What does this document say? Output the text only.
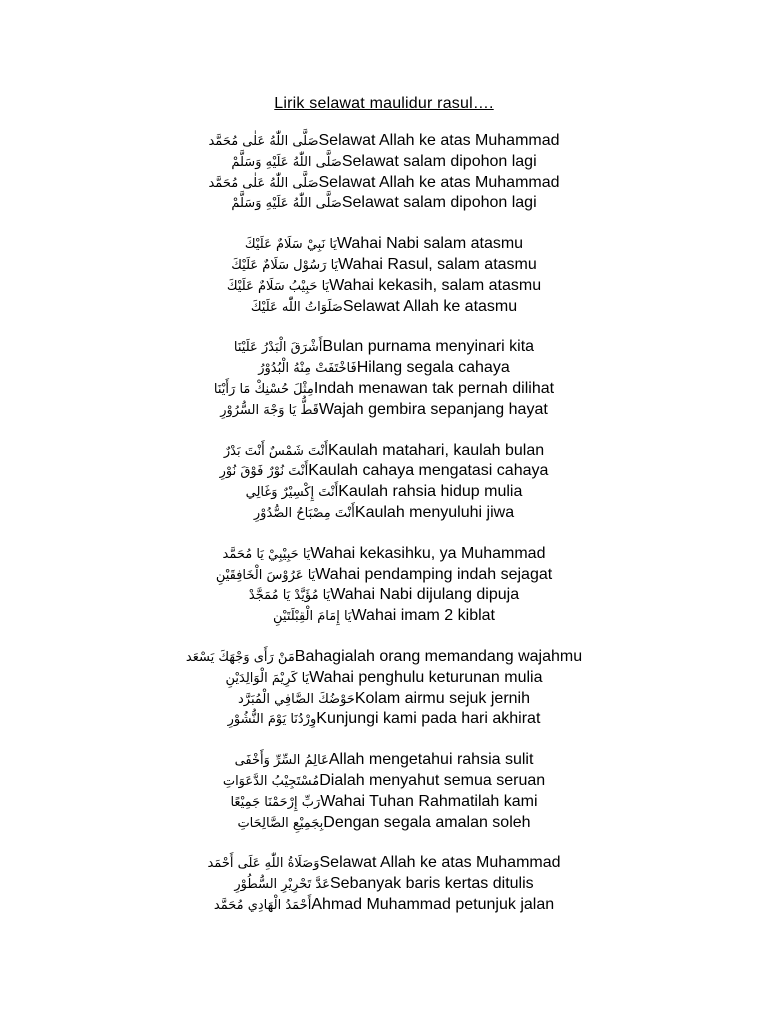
Lirik selawat maulidur rasul….
صَلَّى اللّٰهُ عَلٰى مُحَمَّد Selawat Allah ke atas Muhammad
صَلَّى اللّٰهُ عَلَيْهِ وَسَلَّمْ Selawat salam dipohon lagi
صَلَّى اللّٰهُ عَلٰى مُحَمَّد Selawat Allah ke atas Muhammad
صَلَّى اللّٰهُ عَلَيْهِ وَسَلَّمْ Selawat salam dipohon lagi
يَا نَبِيْ سَلَامٌ عَلَيْكَ Wahai Nabi salam atasmu
يَا رَسُوْل سَلَامٌ عَلَيْكَ Wahai Rasul, salam atasmu
يَا حَبِيْبُ سَلَامٌ عَلَيْكَ Wahai kekasih, salam atasmu
صَلَوَاتُ اللّٰه عَلَيْكَ Selawat Allah ke atasmu
أَشْرَقَ الْبَدْرُ عَلَيْنَا Bulan purnama menyinari kita
فَاخْتَفَتْ مِنْهُ الْبُدُوْرُ Hilang segala cahaya
مِثْلَ حُسْنِكْ مَا رَأَيْنَا Indah menawan tak pernah dilihat
قَطُّ يَا وَجْهَ السُّرُوْرِ Wajah gembira sepanjang hayat
أَنْتَ شَمْسٌ أَنْتَ بَدْرٌ Kaulah matahari, kaulah bulan
أَنْتَ نُوْرٌ فَوْقَ نُوْرِ Kaulah cahaya mengatasi cahaya
أَنْتَ إِكْسِيْرٌ وَغَالِي Kaulah rahsia hidup mulia
أَنْتَ مِصْبَاحُ الصُّدُوْرِ Kaulah menyuluhi jiwa
يَا حَبِيْبِيْ يَا مُحَمَّد Wahai kekasihku, ya Muhammad
يَا عَرُوْسَ الْخَافِقَيْنِ Wahai pendamping indah sejagat
يَا مُؤَيَّدْ يَا مُمَجَّدْ Wahai Nabi dijulang dipuja
يَا إِمَامَ الْقِبْلَتَيْنِ Wahai imam 2 kiblat
مَنْ رَأَى وَجْهَكَ يَسْعَد Bahagialah orang memandang wajahmu
يَا كَرِيْمَ الْوَالِدَيْنِ Wahai penghulu keturunan mulia
حَوْضُكَ الصَّافِي الْمُبَرَّد Kolam airmu sejuk jernih
وِرْدُنَا يَوْمَ النُّشُوْرِ Kunjungi kami pada hari akhirat
عَالِمُ السِّرِّ وَأَخْفَى Allah mengetahui rahsia sulit
مُسْتَجِيْبُ الدَّعَوَاتِ Dialah menyahut semua seruan
رَبِّ إِرْحَمْنَا جَمِيْعًا Wahai Tuhan Rahmatilah kami
بِجَمِيْعِ الصَّالِحَاتِ Dengan segala amalan soleh
وَصَلَاةُ اللّٰهِ عَلَى أَحْمَد Selawat Allah ke atas Muhammad
عَدَّ تَحْرِيْرِ السُّطُوْرِ Sebanyak baris kertas ditulis
أَحْمَدُ الْهَادِي مُحَمَّد Ahmad Muhammad petunjuk jalan
